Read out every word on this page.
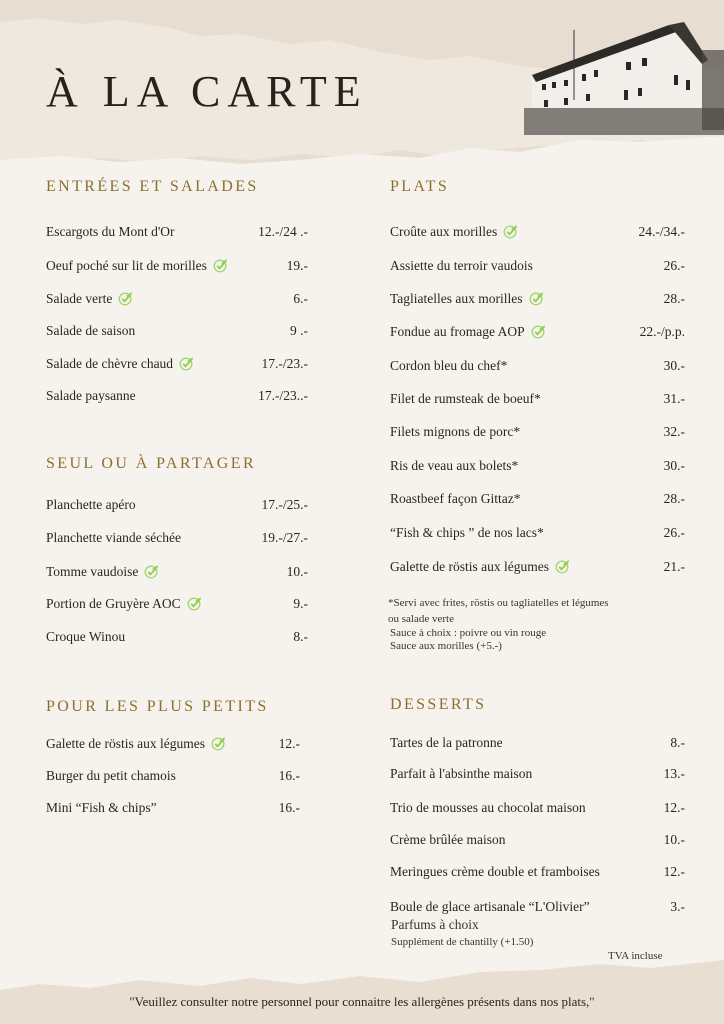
À LA CARTE
ENTRÉES ET SALADES
Escargots du Mont d'Or	12.-/24 .-
Oeuf poché sur lit de morilles	19.-
Salade verte	6.-
Salade de saison	9 .-
Salade de chèvre chaud	17.-/23.-
Salade paysanne	17.-/23..-
SEUL OU À PARTAGER
Planchette apéro	17.-/25.-
Planchette viande séchée	19.-/27.-
Tomme vaudoise	10.-
Portion de Gruyère AOC	9.-
Croque Winou	8.-
POUR LES PLUS PETITS
Galette de röstis aux légumes	12.-
Burger du petit chamois	16.-
Mini “Fish & chips”	16.-
PLATS
Croûte aux morilles	24.-/34.-
Assiette du terroir vaudois	26.-
Tagliatelles aux morilles	28.-
Fondue au fromage AOP	22.-/p.p.
Cordon bleu du chef*	30.-
Filet de rumsteak de boeuf*	31.-
Filets mignons de porc*	32.-
Ris de veau aux bolets*	30.-
Roastbeef façon Gittaz*	28.-
“Fish & chips ” de nos lacs*	26.-
Galette de röstis aux légumes	21.-
DESSERTS
Tartes de la patronne	8.-
Parfait à l'absinthe maison	13.-
Trio de mousses au chocolat maison	12.-
Crème brûlée maison	10.-
Meringues crème double et framboises	12.-
Boule de glace artisanale “L'Olivier”	3.-
*Servi avec frites, röstis ou tagliatelles et légumes
ou salade verte
Sauce à choix : poivre ou vin rouge
Sauce aux morilles (+5.-)
Parfums à choix
Supplément de chantilly (+1.50)
TVA incluse
"Veuillez consulter notre personnel pour connaitre les allergènes présents dans nos plats,"
